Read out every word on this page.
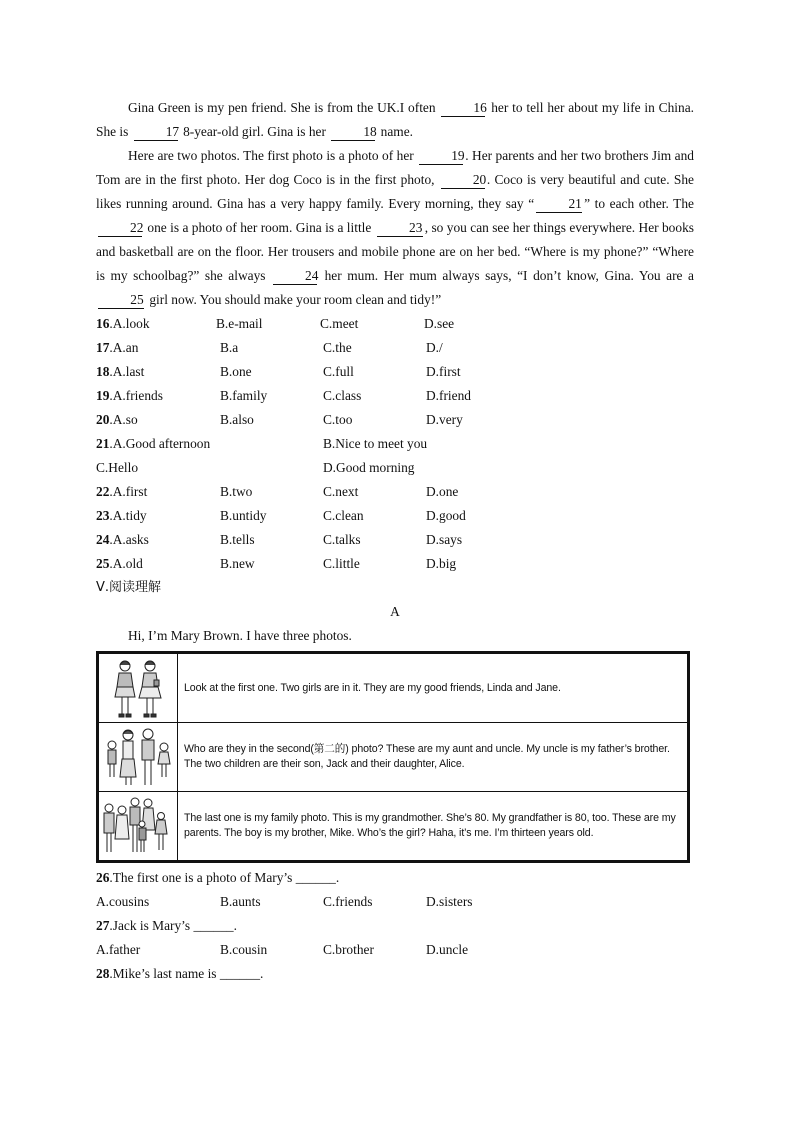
Gina Green is my pen friend. She is from the UK.I often	16 her to tell her about my life in China. She is	17 8-year-old girl. Gina is her	18 name.

Here are two photos. The first photo is a photo of her	19. Her parents and her two brothers Jim and Tom are in the first photo. Her dog Coco is in the first photo,	20. Coco is very beautiful and cute. She likes running around. Gina has a very happy family. Every morning, they say “	21 ” to each other. The 22 one is a photo of her room. Gina is a little	23 , so you can see her things everywhere. Her books and basketball are on the floor. Her trousers and mobile phone are on her bed. “Where is my phone?” “Where is my schoolbag?” she always	24 her mum. Her mum always says, “I don’t know, Gina. You are a 25 girl now. You should make your room clean and tidy!”

16.A.look	B.e-mail	C.meet	D.see
17.A.an	B.a	C.the	D./
18.A.last	B.one	C.full	D.first
19.A.friends	B.family	C.class	D.friend
20.A.so	B.also	C.too	D.very
21.A.Good afternoon	B.Nice to meet you
C.Hello	D.Good morning
22.A.first	B.two	C.next	D.one
23.A.tidy	B.untidy	C.clean	D.good
24.A.asks	B.tells	C.talks	D.says
25.A.old	B.new	C.little	D.big
Ⅴ.阅读理解
A
Hi, I’m Mary Brown. I have three photos.
	Look at the first one. Two girls are in it. They are my good friends, Linda and Jane.

	Who are they in the second(第二的) photo? These are my aunt and uncle. My uncle is my father’s brother. The two children are their son, Jack and their daughter, Alice.

	The last one is my family photo. This is my grandmother. She’s 80. My grandfather is 80, too. These are my parents. The boy is my brother, Mike. Who’s the girl? Haha, it’s me. I’m thirteen years old.
26.The first one is a photo of Mary’s ______.
A.cousins	B.aunts	C.friends	D.sisters
27.Jack is Mary’s ______.
A.father	B.cousin	C.brother	D.uncle
28.Mike’s last name is ______.
